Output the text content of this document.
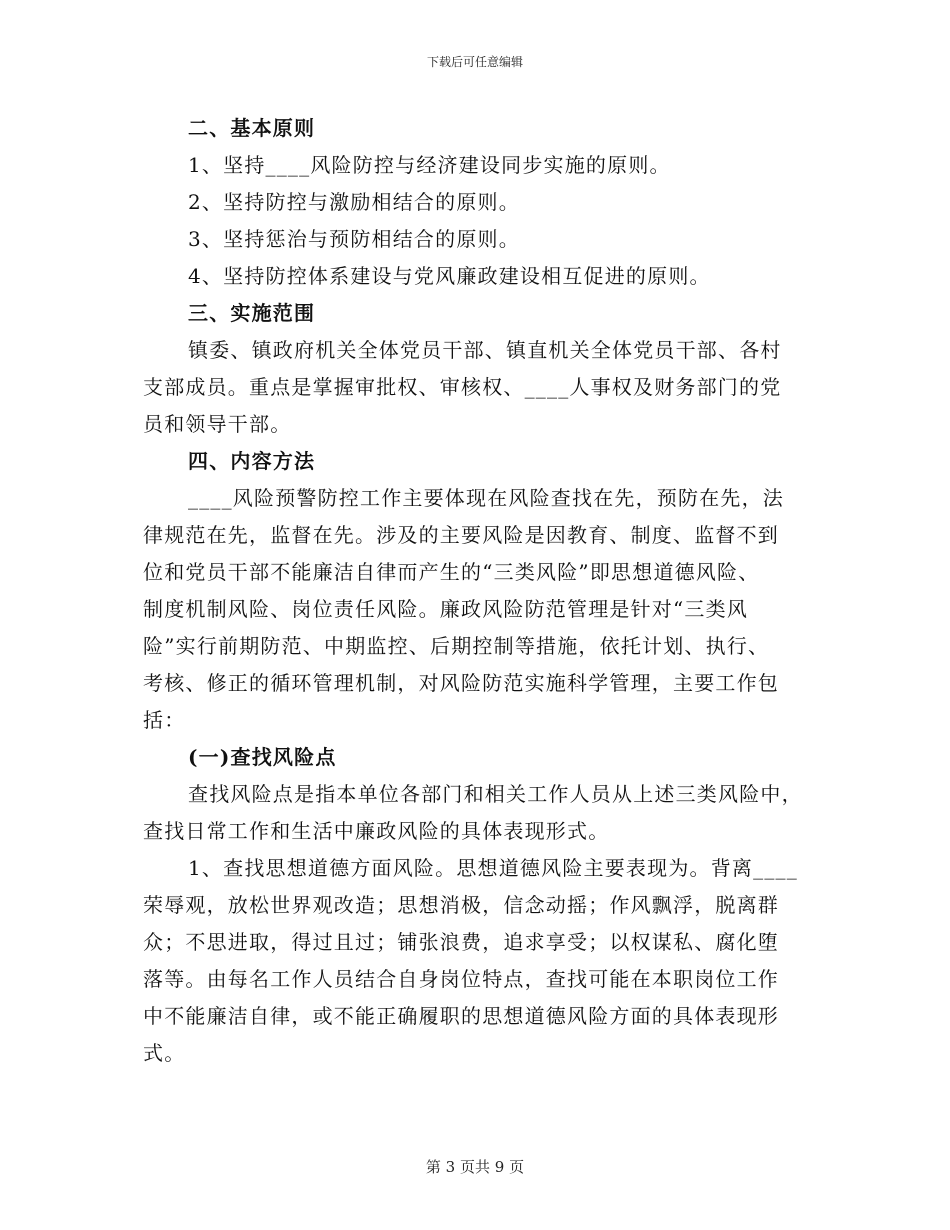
下载后可任意编辑
二、基本原则
1、坚持____风险防控与经济建设同步实施的原则。
2、坚持防控与激励相结合的原则。
3、坚持惩治与预防相结合的原则。
4、坚持防控体系建设与党风廉政建设相互促进的原则。
三、实施范围
镇委、镇政府机关全体党员干部、镇直机关全体党员干部、各村
支部成员。重点是掌握审批权、审核权、____人事权及财务部门的党
员和领导干部。
四、内容方法
____风险预警防控工作主要体现在风险查找在先，预防在先，法
律规范在先，监督在先。涉及的主要风险是因教育、制度、监督不到
位和党员干部不能廉洁自律而产生的“三类风险”即思想道德风险、
制度机制风险、岗位责任风险。廉政风险防范管理是针对“三类风
险”实行前期防范、中期监控、后期控制等措施，依托计划、执行、
考核、修正的循环管理机制，对风险防范实施科学管理，主要工作包
括：
(一)查找风险点
查找风险点是指本单位各部门和相关工作人员从上述三类风险中，
查找日常工作和生活中廉政风险的具体表现形式。
1、查找思想道德方面风险。思想道德风险主要表现为。背离____
荣辱观，放松世界观改造；思想消极，信念动摇；作风飘浮，脱离群
众；不思进取，得过且过；铺张浪费，追求享受；以权谋私、腐化堕
落等。由每名工作人员结合自身岗位特点，查找可能在本职岗位工作
中不能廉洁自律，或不能正确履职的思想道德风险方面的具体表现形
式。
第 3 页共 9 页
